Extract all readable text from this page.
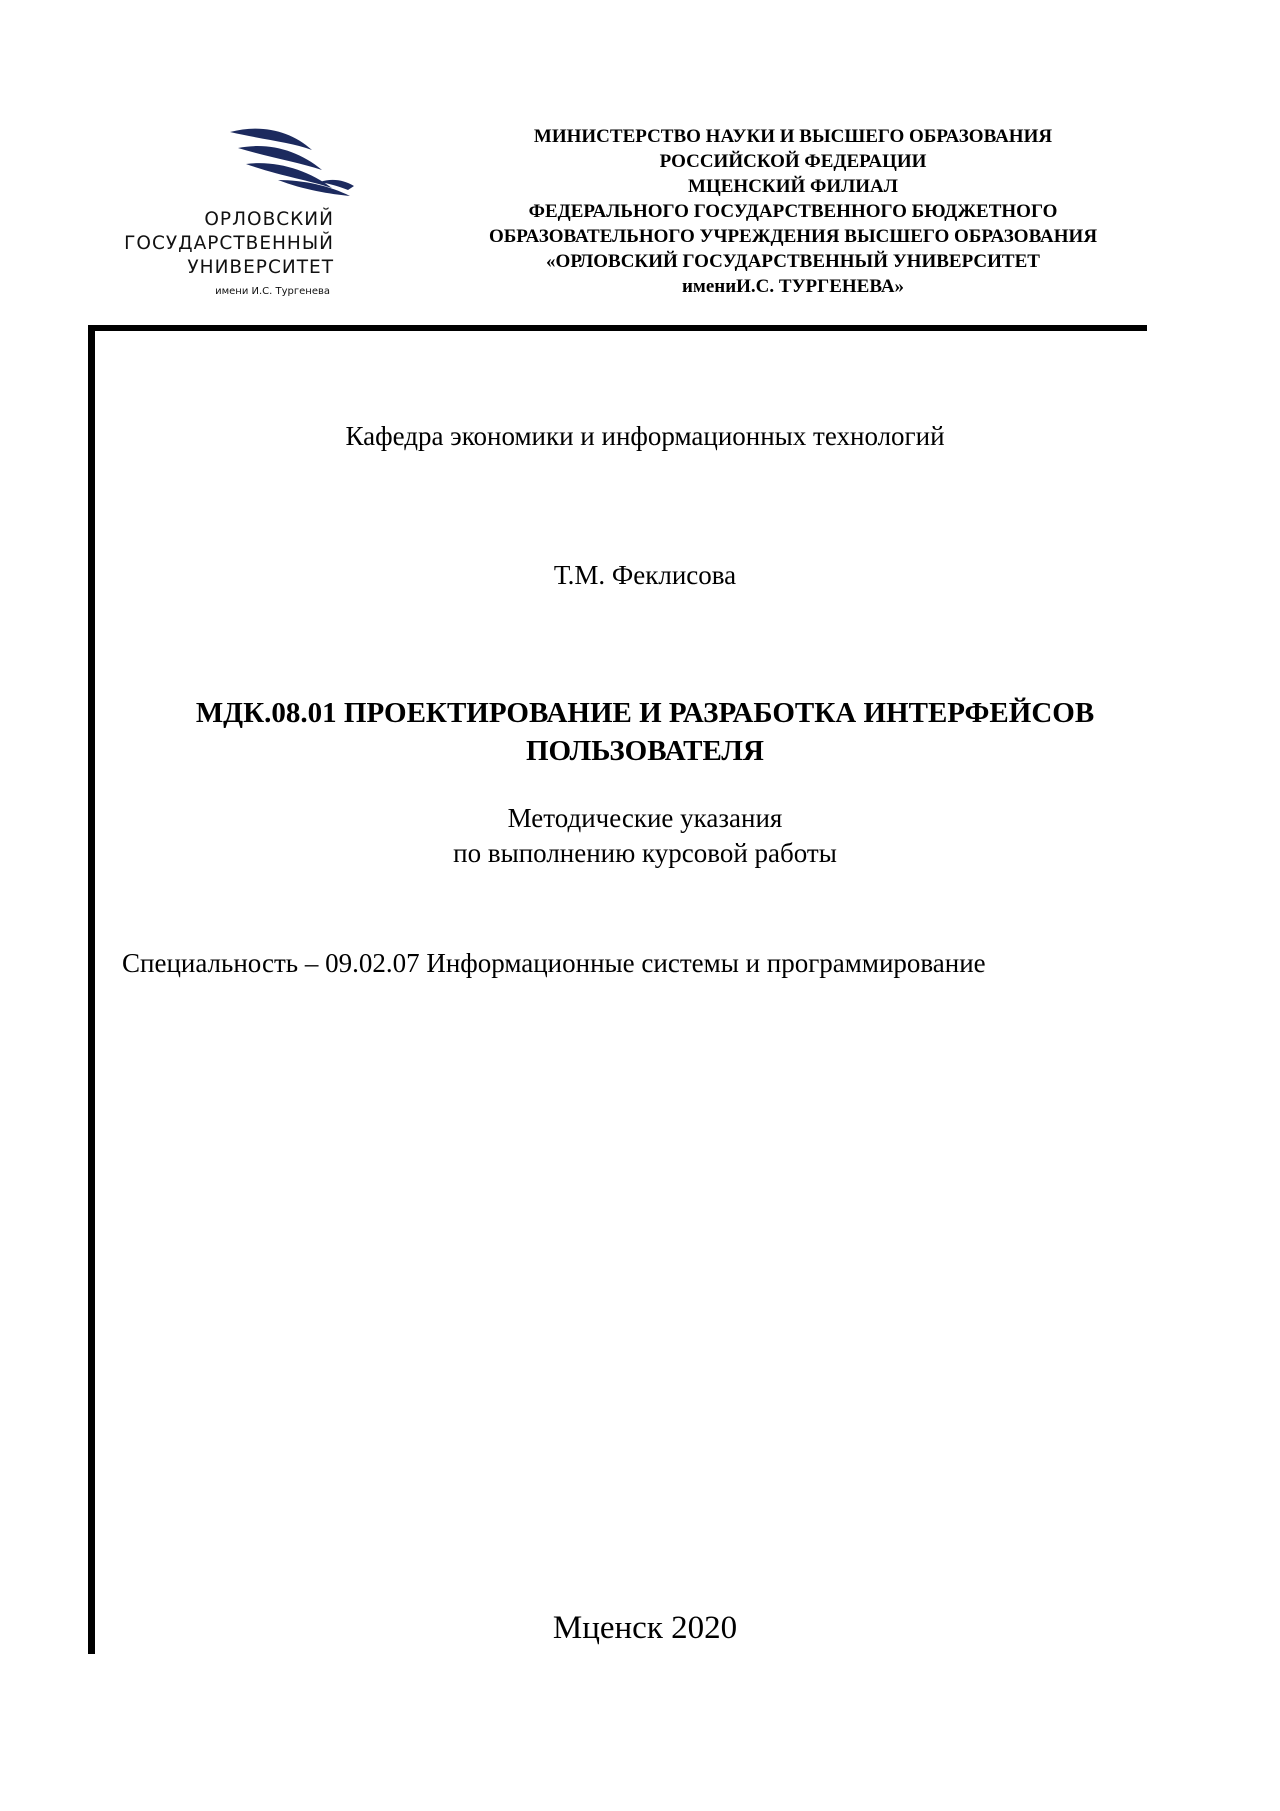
ОРЛОВСКИЙ
ГОСУДАРСТВЕННЫЙ
УНИВЕРСИТЕТ
имени И.С. Тургенева
МИНИСТЕРСТВО НАУКИ И ВЫСШЕГО ОБРАЗОВАНИЯ
РОССИЙСКОЙ ФЕДЕРАЦИИ
МЦЕНСКИЙ ФИЛИАЛ
ФЕДЕРАЛЬНОГО ГОСУДАРСТВЕННОГО БЮДЖЕТНОГО
ОБРАЗОВАТЕЛЬНОГО УЧРЕЖДЕНИЯ ВЫСШЕГО ОБРАЗОВАНИЯ
«ОРЛОВСКИЙ ГОСУДАРСТВЕННЫЙ УНИВЕРСИТЕТ
имениИ.С. ТУРГЕНЕВА»
Кафедра экономики и информационных технологий
Т.М. Феклисова
МДК.08.01 ПРОЕКТИРОВАНИЕ И РАЗРАБОТКА ИНТЕРФЕЙСОВ
ПОЛЬЗОВАТЕЛЯ
Методические указания
по выполнению курсовой работы
Специальность – 09.02.07 Информационные системы и программирование
Мценск 2020
